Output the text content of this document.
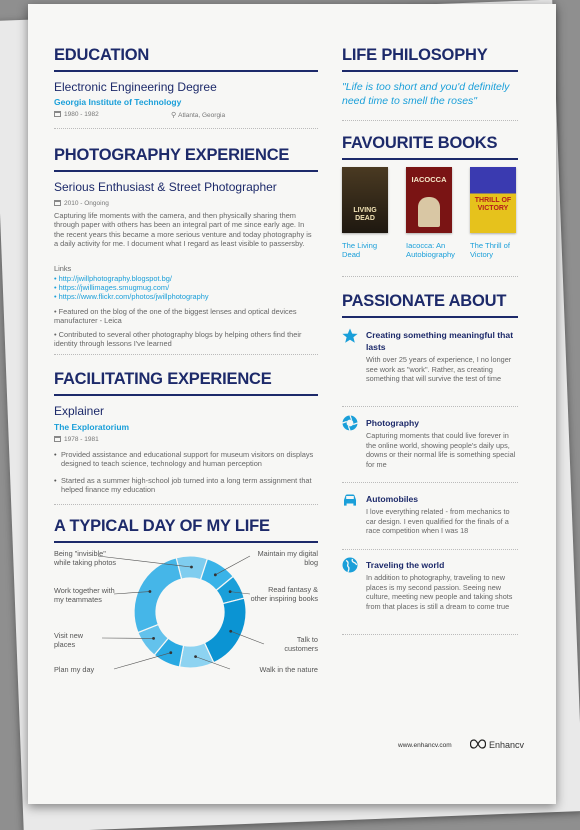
EDUCATION
Electronic Engineering Degree
Georgia Institute of Technology
1980 - 1982	⚲ Atlanta, Georgia
PHOTOGRAPHY EXPERIENCE
Serious Enthusiast & Street Photographer
2010 - Ongoing
Capturing life moments with the camera, and then physically sharing them through paper with others has been an integral part of me since early age. In the recent years this became a more serious venture and today photography is a daily activity for me. I document what I regard as least visible to passersby.
Links
• http://jwillphotography.blogspot.bg/
• https://jwillimages.smugmug.com/
• https://www.flickr.com/photos/jwillphotography
• Featured on the blog of the one of the biggest lenses and optical devices manufacturer - Leica
• Contributed to several other photography blogs by helping others find their identity through lessons I've learned
FACILITATING EXPERIENCE
Explainer
The Exploratorium
1978 - 1981
• Provided assistance and educational support for museum visitors on displays designed to teach science, technology and human perception
• Started as a summer high-school job turned into a long term assignment that helped finance my education
A TYPICAL DAY OF MY LIFE
Being "invisible" while taking photos
Work together with my teammates
Visit new places
Plan my day
Maintain my digital blog
Read fantasy & other inspiring books
Talk to customers
Walk in the nature
LIFE PHILOSOPHY
"Life is too short and you'd definitely need time to smell the roses"
FAVOURITE BOOKS
LIVING DEAD
The Living Dead
IACOCCA
Iacocca: An Autobiography
THRILL OF VICTORY
The Thrill of Victory
PASSIONATE ABOUT
Creating something meaningful that lasts
With over 25 years of experience, I no longer see work as "work". Rather, as creating something that will survive the test of time
Photography
Capturing moments that could live forever in the online world, showing people's daily ups, downs or their normal life is something special for me
Automobiles
I love everything related - from mechanics to car design. I even qualified for the finals of a race competition when I was 18
Traveling the world
In addition to photography, traveling to new places is my second passion. Seeing new culture, meeting new people and taking shots from that places is still a dream to come true
www.enhancv.com	Enhancv
